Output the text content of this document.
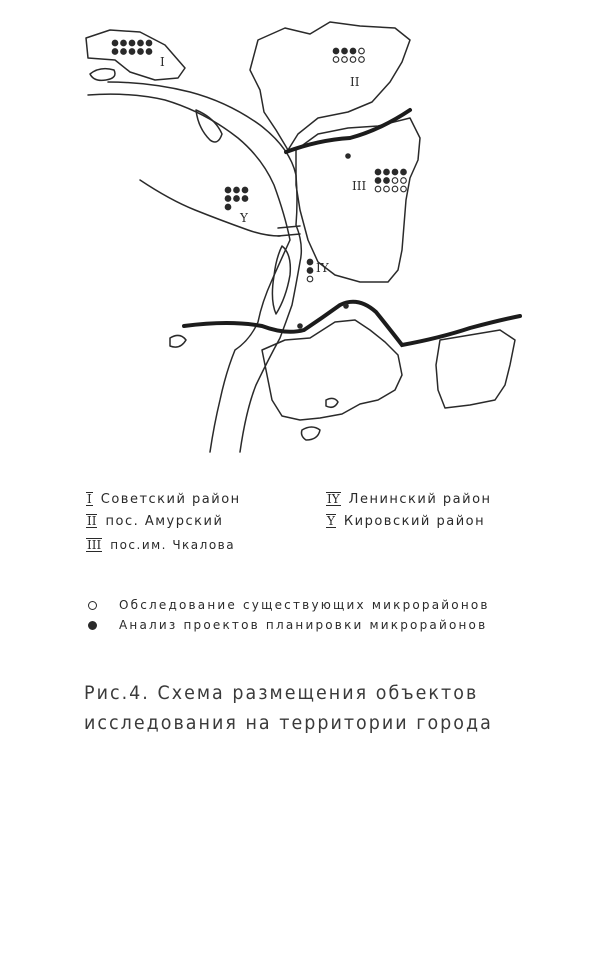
I
II
III
IY
Y
I Советский район
II пос. Амурский
III пос.им. Чкалова
IY Ленинский район
Y Кировский район
Обследование существующих микрорайонов
Анализ проектов планировки микрорайонов
Рис.4. Схема размещения объектов
исследования на территории города
